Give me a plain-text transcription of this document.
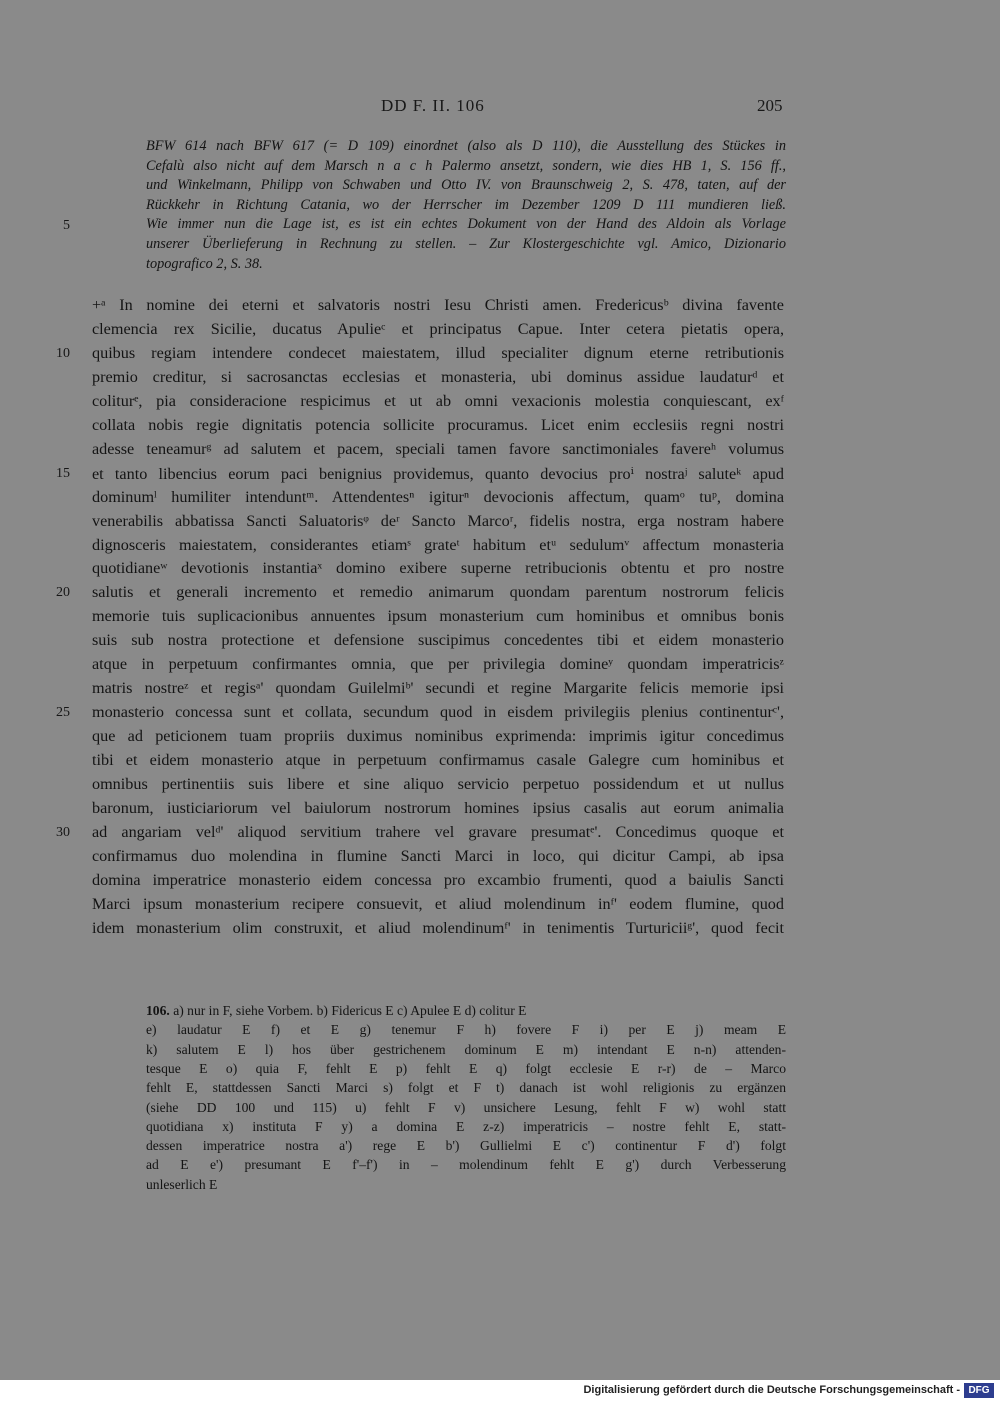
DD F. II. 106	205
BFW 614 nach BFW 617 (= D 109) einordnet (also als D 110), die Ausstellung des Stückes in
Cefalù also nicht auf dem Marsch n a c h Palermo ansetzt, sondern, wie dies HB 1, S. 156 ff.,
und Winkelmann, Philipp von Schwaben und Otto IV. von Braunschweig 2, S. 478, taten, auf der
Rückkehr in Richtung Catania, wo der Herrscher im Dezember 1209 D 111 mundieren ließ.
Wie immer nun die Lage ist, es ist ein echtes Dokument von der Hand des Aldoin als Vorlage
unserer Überlieferung in Rechnung zu stellen. – Zur Klostergeschichte vgl. Amico, Dizionario
topografico 2, S. 38.
5
+ᵃ In nomine dei eterni et salvatoris nostri Iesu Christi amen. Fredericusᵇ divina favente
clemencia rex Sicilie, ducatus Apulieᶜ et principatus Capue. Inter cetera pietatis opera,
quibus regiam intendere condecet maiestatem, illud specialiter dignum eterne retributionis
premio creditur, si sacrosanctas ecclesias et monasteria, ubi dominus assidue laudaturᵈ et
coliturᵉ, pia consideracione respicimus et ut ab omni vexacionis molestia conquiescant, exᶠ
collata nobis regie dignitatis potencia sollicite procuramus. Licet enim ecclesiis regni nostri
adesse teneamurᵍ ad salutem et pacem, speciali tamen favore sanctimoniales favereʰ volumus
et tanto libencius eorum paci benignius providemus, quanto devocius proⁱ nostraʲ saluteᵏ apud
dominumˡ humiliter intenduntᵐ. Attendentesⁿ igiturⁿ devocionis affectum, quamᵒ tuᵖ, domina
venerabilis abbatissa Sancti Saluatorisᵠ deʳ Sancto Marcoʳ, fidelis nostra, erga nostram habere
dignosceris maiestatem, considerantes etiamˢ grateᵗ habitum etᵘ sedulumᵛ affectum monasteria
quotidianeʷ devotionis instantiaˣ domino exibere superne retribucionis obtentu et pro nostre
salutis et generali incremento et remedio animarum quondam parentum nostrorum felicis
memorie tuis suplicacionibus annuentes ipsum monasterium cum hominibus et omnibus bonis
suis sub nostra protectione et defensione suscipimus concedentes tibi et eidem monasterio
atque in perpetuum confirmantes omnia, que per privilegia domineʸ quondam imperatricisᶻ
matris nostreᶻ et regisᵃ' quondam Guilelmiᵇ' secundi et regine Margarite felicis memorie ipsi
monasterio concessa sunt et collata, secundum quod in eisdem privilegiis plenius continenturᶜ',
que ad peticionem tuam propriis duximus nominibus exprimenda: imprimis igitur concedimus
tibi et eidem monasterio atque in perpetuum confirmamus casale Galegre cum hominibus et
omnibus pertinentiis suis libere et sine aliquo servicio perpetuo possidendum et ut nullus
baronum, iusticiariorum vel baiulorum nostrorum homines ipsius casalis aut eorum animalia
ad angariam velᵈ' aliquod servitium trahere vel gravare presumatᵉ'. Concedimus quoque et
confirmamus duo molendina in flumine Sancti Marci in loco, qui dicitur Campi, ab ipsa
domina imperatrice monasterio eidem concessa pro excambio frumenti, quod a baiulis Sancti
Marci ipsum monasterium recipere consuevit, et aliud molendinum inᶠ' eodem flumine, quod
idem monasterium olim construxit, et aliud molendinumᶠ' in tenimentis Turturiciiᵍ', quod fecit
10
15
20
25
30
106. a) nur in F, siehe Vorbem. b) Fidericus E c) Apulee E d) colitur E
e) laudatur E f) et E g) tenemur F h) fovere F i) per E j) meam E
k) salutem E l) hos über gestrichenem dominum E m) intendant E n-n) attenden-
tesque E o) quia F, fehlt E p) fehlt E q) folgt ecclesie E r-r) de – Marco
fehlt E, stattdessen Sancti Marci s) folgt et F t) danach ist wohl religionis zu ergänzen
(siehe DD 100 und 115) u) fehlt F v) unsichere Lesung, fehlt F w) wohl statt
quotidiana x) instituta F y) a domina E z-z) imperatricis – nostre fehlt E, statt-
dessen imperatrice nostra a') rege E b') Gullielmi E c') continentur F d') folgt
ad E e') presumant E f'–f') in – molendinum fehlt E g') durch Verbesserung
unleserlich E
Digitalisierung gefördert durch die Deutsche Forschungsgemeinschaft - DFG
